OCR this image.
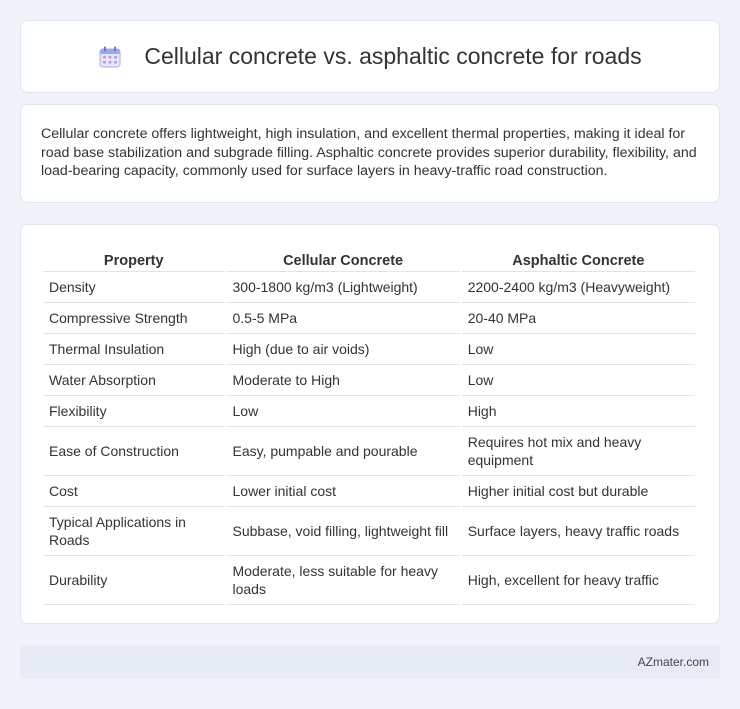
Cellular concrete vs. asphaltic concrete for roads

Cellular concrete offers lightweight, high insulation, and excellent thermal properties, making it ideal for road base stabilization and subgrade filling. Asphaltic concrete provides superior durability, flexibility, and load-bearing capacity, commonly used for surface layers in heavy-traffic road construction.

Property	Cellular Concrete	Asphaltic Concrete
Density	300-1800 kg/m3 (Lightweight)	2200-2400 kg/m3 (Heavyweight)
Compressive Strength	0.5-5 MPa	20-40 MPa
Thermal Insulation	High (due to air voids)	Low
Water Absorption	Moderate to High	Low
Flexibility	Low	High
Ease of Construction	Easy, pumpable and pourable	Requires hot mix and heavy equipment
Cost	Lower initial cost	Higher initial cost but durable
Typical Applications in Roads	Subbase, void filling, lightweight fill	Surface layers, heavy traffic roads
Durability	Moderate, less suitable for heavy loads	High, excellent for heavy traffic
AZmater.com
